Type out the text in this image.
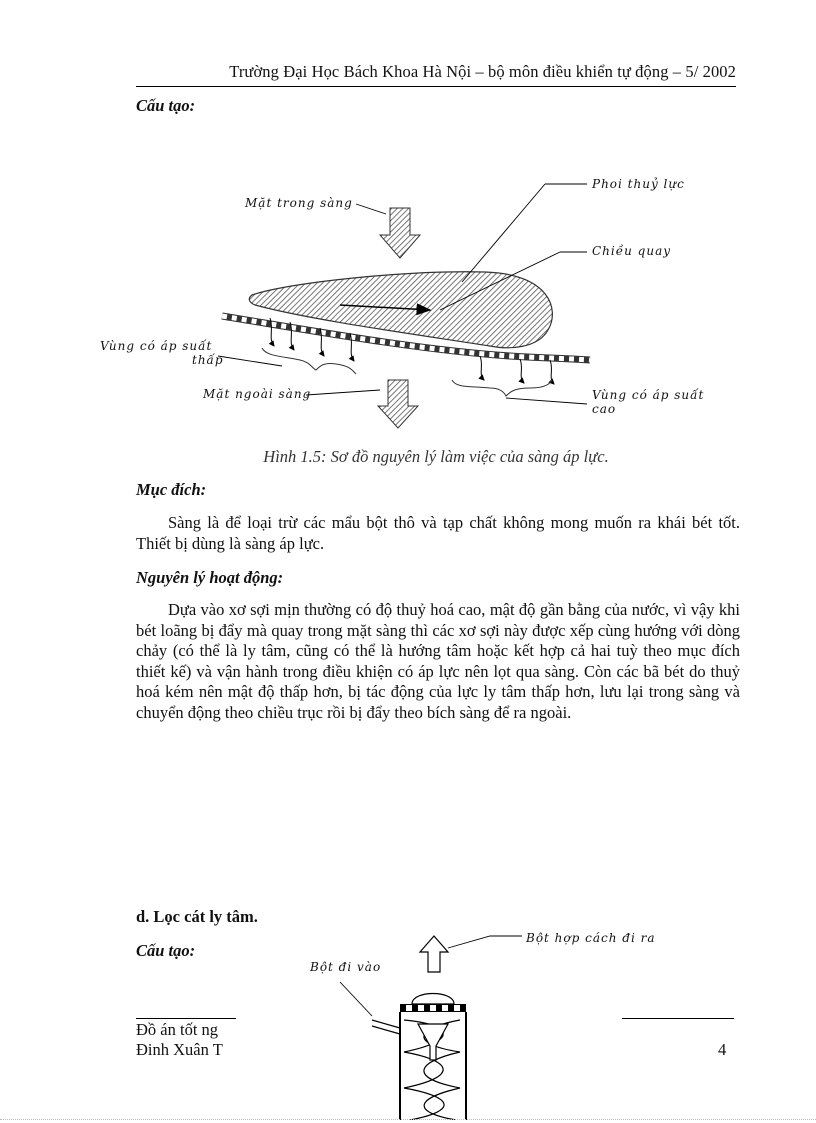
Trường Đại Học Bách Khoa Hà Nội – bộ môn điều khiển tự động – 5/ 2002
Cấu tạo:
Mặt trong sàng
Phoi thuỷ lực
Chiều quay
Vùng có áp suất
thấp
Mặt ngoài sàng	Vùng có áp suất
cao
Hình 1.5: Sơ đồ nguyên lý làm việc của sàng áp lực.
Mục đích:
Sàng là để loại trừ các mẩu bột thô và tạp chất không mong muốn ra khái bét tốt. Thiết bị dùng là sàng áp lực.
Nguyên lý hoạt động:
Dựa vào xơ sợi mịn thường có độ thuỷ hoá cao, mật độ gần bằng của nước, vì vậy khi bét loãng bị đẩy mà quay trong mặt sàng thì các xơ sợi này được xếp cùng hướng với dòng chảy (có thể là ly tâm, cũng có thể là hướng tâm hoặc kết hợp cả hai tuỳ theo mục đích thiết kế) và vận hành trong điều khiện có áp lực nên lọt qua sàng. Còn các bã bét do thuỷ hoá kém nên mật độ thấp hơn, bị tác động của lực ly tâm thấp hơn, lưu lại trong sàng và chuyển động theo chiều trục rồi bị đẩy theo bích sàng để ra ngoài.
d. Lọc cát ly tâm.
Cấu tạo:
Đồ án tốt ng
Đinh Xuân T	4
Bột hợp cách đi ra
Bột đi vào
